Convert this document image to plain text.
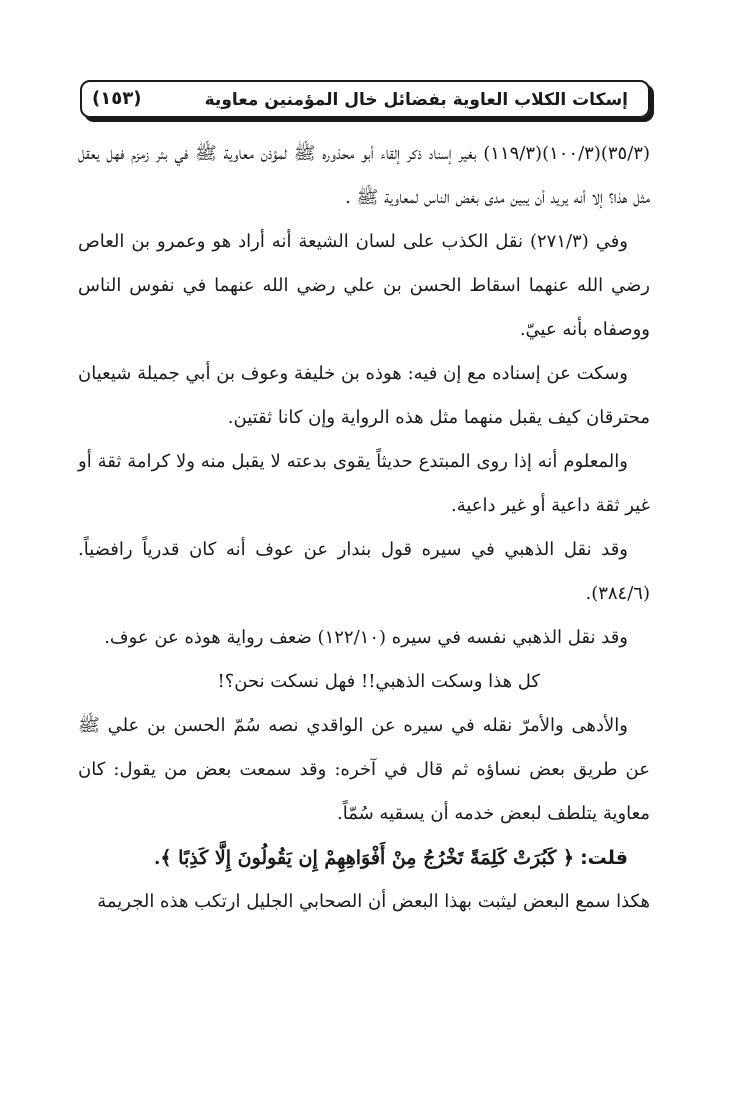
إسكات الكلاب العاوية بفضائل خال المؤمنين معاوية
(١٥٣)

(٣٥/٣)(١٠٠/٣)(١١٩/٣) بغير إسناد ذكر إلقاء أبو محذوره ﷺ لمؤذن معاوية ﷺ في بئر زمزم فهل يعقل مثل هذا؟ إلا أنه يريد أن يبين مدى بغض الناس لمعاوية ﷺ .

وفي (٢٧١/٣) نقل الكذب على لسان الشيعة أنه أراد هو وعمرو بن العاص رضي الله عنهما اسقاط الحسن بن علي رضي الله عنهما في نفوس الناس ووصفاه بأنه عييّ.

وسكت عن إسناده مع إن فيه: هوذه بن خليفة وعوف بن أبي جميلة شيعيان محترقان كيف يقبل منهما مثل هذه الرواية وإن كانا ثقتين.

والمعلوم أنه إذا روى المبتدع حديثاً يقوى بدعته لا يقبل منه ولا كرامة ثقة أو غير ثقة داعية أو غير داعية.

وقد نقل الذهبي في سيره قول بندار عن عوف أنه كان قدرياً رافضياً. (٣٨٤/٦).

وقد نقل الذهبي نفسه في سيره (١٢٢/١٠) ضعف رواية هوذه عن عوف.

كل هذا وسكت الذهبي!! فهل نسكت نحن؟!

والأدهى والأمرّ نقله في سيره عن الواقدي نصه سُمّ الحسن بن علي ﷺ عن طريق بعض نساؤه ثم قال في آخره: وقد سمعت بعض من يقول: كان معاوية يتلطف لبعض خدمه أن يسقيه سُمّاً.

قلت: ﴿ كَبُرَتْ كَلِمَةً تَخْرُجُ مِنْ أَفْوَاهِهِمْ إِن يَقُولُونَ إِلَّا كَذِبًا ﴾.

هكذا سمع البعض ليثبت بهذا البعض أن الصحابي الجليل ارتكب هذه الجريمة
